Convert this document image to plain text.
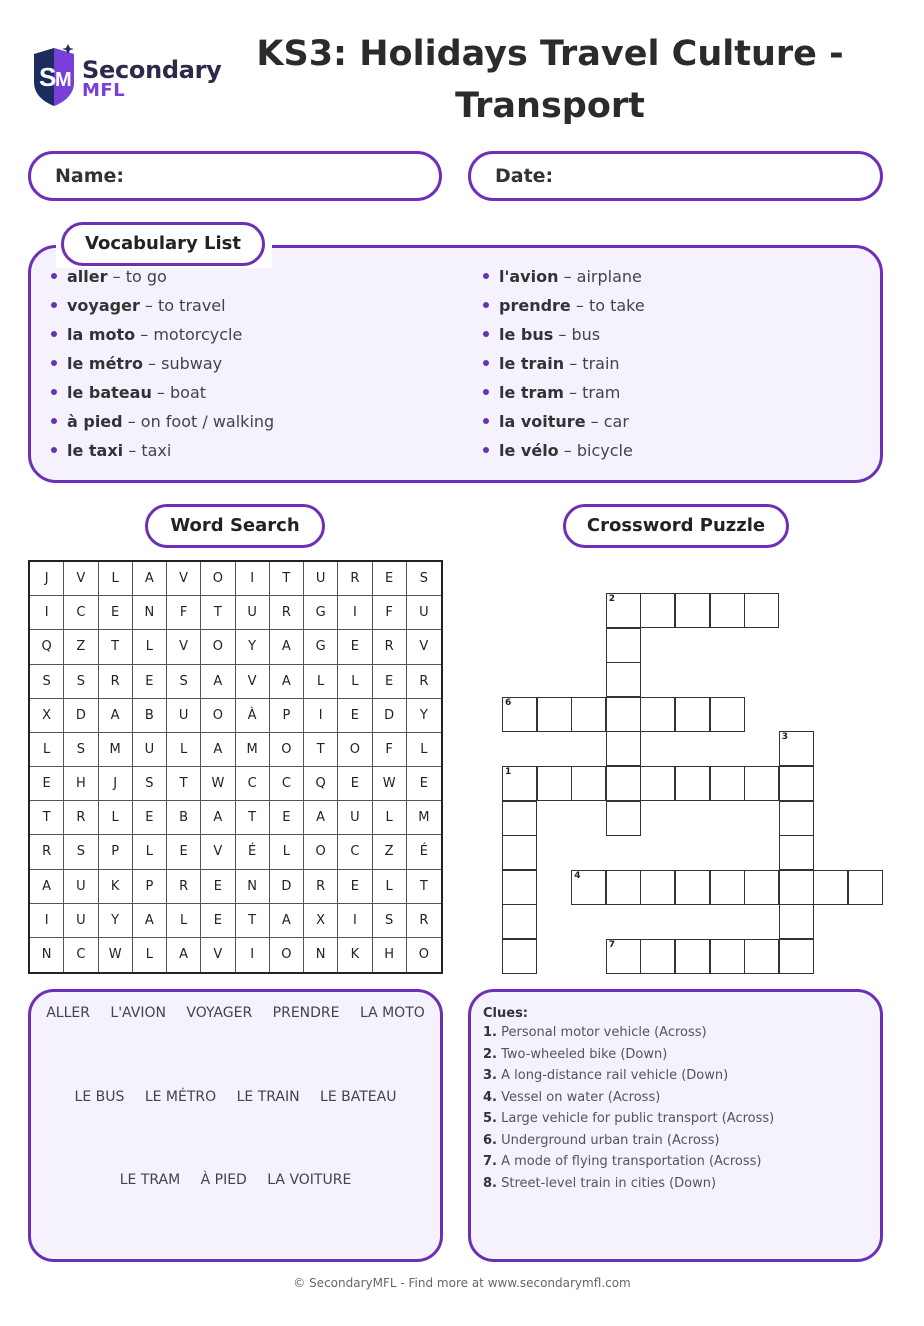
S
M Secondary
MFL
KS3: Holidays Travel Culture -
Transport
Name:	Date:
Vocabulary List
aller – to go
voyager – to travel
la moto – motorcycle
le métro – subway
le bateau – boat
à pied – on foot / walking
le taxi – taxi
l'avion – airplane
prendre – to take
le bus – bus
le train – train
le tram – tram
la voiture – car
le vélo – bicycle
Word Search	Crossword Puzzle
J	V	L	A	V	O	I	T	U	R	E	S
I	C	E	N	F	T	U	R	G	I	F	U
Q	Z	T	L	V	O	Y	A	G	E	R	V
S	S	R	E	S	A	V	A	L	L	E	R
X	D	A	B	U	O	À	P	I	E	D	Y
L	S	M	U	L	A	M	O	T	O	F	L
E	H	J	S	T	W	C	C	Q	E	W	E
T	R	L	E	B	A	T	E	A	U	L	M
R	S	P	L	E	V	É	L	O	C	Z	É
A	U	K	P	R	E	N	D	R	E	L	T
I	U	Y	A	L	E	T	A	X	I	S	R
N	C	W	L	A	V	I	O	N	K	H	O
2
6
3
1
4
7
ALLER L'AVION VOYAGER PRENDRE LA MOTO
LE BUS LE MÉTRO LE TRAIN LE BATEAU
LE TRAM À PIED LA VOITURE
Clues:
1. Personal motor vehicle (Across)
2. Two-wheeled bike (Down)
3. A long-distance rail vehicle (Down)
4. Vessel on water (Across)
5. Large vehicle for public transport (Across)
6. Underground urban train (Across)
7. A mode of flying transportation (Across)
8. Street-level train in cities (Down)
© SecondaryMFL - Find more at www.secondarymfl.com
